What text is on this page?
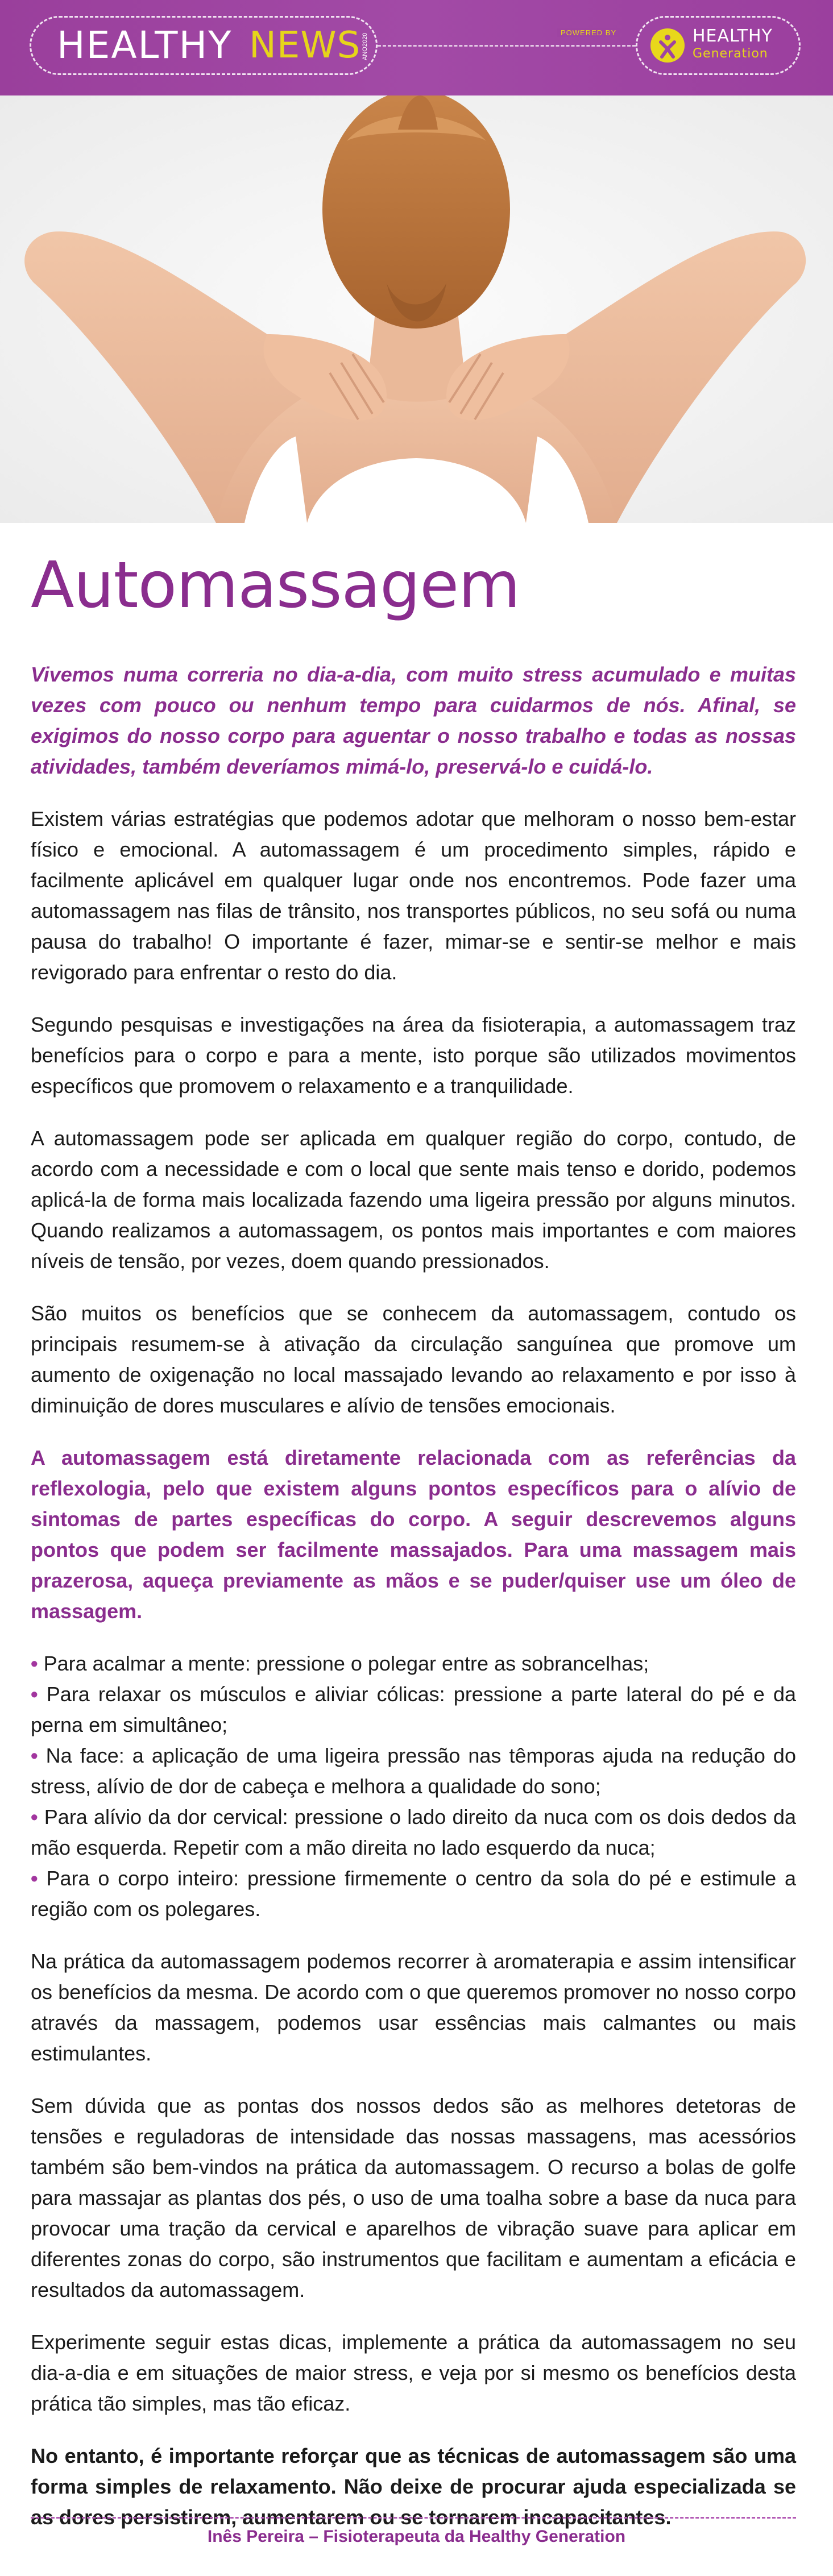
HEALTHY NEWS ANO2020
POWERED BY	HEALTHY
Generation
Automassagem

Vivemos numa correria no dia-a-dia, com muito stress acumulado e muitas vezes com pouco ou nenhum tempo para cuidarmos de nós. Afinal, se exigimos do nosso corpo para aguentar o nosso trabalho e todas as nossas atividades, também deveríamos mimá-lo, preservá-lo e cuidá-lo.

Existem várias estratégias que podemos adotar que melhoram o nosso bem-estar físico e emocional. A automassagem é um procedimento simples, rápido e facilmente aplicável em qualquer lugar onde nos encontremos. Pode fazer uma automassagem nas filas de trânsito, nos transportes públicos, no seu sofá ou numa pausa do trabalho! O importante é fazer, mimar-se e sentir-se melhor e mais revigorado para enfrentar o resto do dia.

Segundo pesquisas e investigações na área da fisioterapia, a automassagem traz benefícios para o corpo e para a mente, isto porque são utilizados movimentos específicos que promovem o relaxamento e a tranquilidade.

A automassagem pode ser aplicada em qualquer região do corpo, contudo, de acordo com a necessidade e com o local que sente mais tenso e dorido, podemos aplicá-la de forma mais localizada fazendo uma ligeira pressão por alguns minutos. Quando realizamos a automassagem, os pontos mais importantes e com maiores níveis de tensão, por vezes, doem quando pressionados.

São muitos os benefícios que se conhecem da automassagem, contudo os principais resumem-se à ativação da circulação sanguínea que promove um aumento de oxigenação no local massajado levando ao relaxamento e por isso à diminuição de dores musculares e alívio de tensões emocionais.

A automassagem está diretamente relacionada com as referências da reflexologia, pelo que existem alguns pontos específicos para o alívio de sintomas de partes específicas do corpo. A seguir descrevemos alguns pontos que podem ser facilmente massajados. Para uma massagem mais prazerosa, aqueça previamente as mãos e se puder/quiser use um óleo de massagem.

• Para acalmar a mente: pressione o polegar entre as sobrancelhas;
• Para relaxar os músculos e aliviar cólicas: pressione a parte lateral do pé e da perna em simultâneo;
• Na face: a aplicação de uma ligeira pressão nas têmporas ajuda na redução do stress, alívio de dor de cabeça e melhora a qualidade do sono;
• Para alívio da dor cervical: pressione o lado direito da nuca com os dois dedos da mão esquerda. Repetir com a mão direita no lado esquerdo da nuca;
• Para o corpo inteiro: pressione firmemente o centro da sola do pé e estimule a região com os polegares.

Na prática da automassagem podemos recorrer à aromaterapia e assim intensificar os benefícios da mesma. De acordo com o que queremos promover no nosso corpo através da massagem, podemos usar essências mais calmantes ou mais estimulantes.

Sem dúvida que as pontas dos nossos dedos são as melhores detetoras de tensões e reguladoras de intensidade das nossas massagens, mas acessórios também são bem-vindos na prática da automassagem. O recurso a bolas de golfe para massajar as plantas dos pés, o uso de uma toalha sobre a base da nuca para provocar uma tração da cervical e aparelhos de vibração suave para aplicar em diferentes zonas do corpo, são instrumentos que facilitam e aumentam a eficácia e resultados da automassagem.

Experimente seguir estas dicas, implemente a prática da automassagem no seu dia-a-dia e em situações de maior stress, e veja por si mesmo os benefícios desta prática tão simples, mas tão eficaz.

No entanto, é importante reforçar que as técnicas de automassagem são uma forma simples de relaxamento. Não deixe de procurar ajuda especializada se as dores persistirem, aumentarem ou se tornarem incapacitantes.

Inês Pereira – Fisioterapeuta da Healthy Generation
